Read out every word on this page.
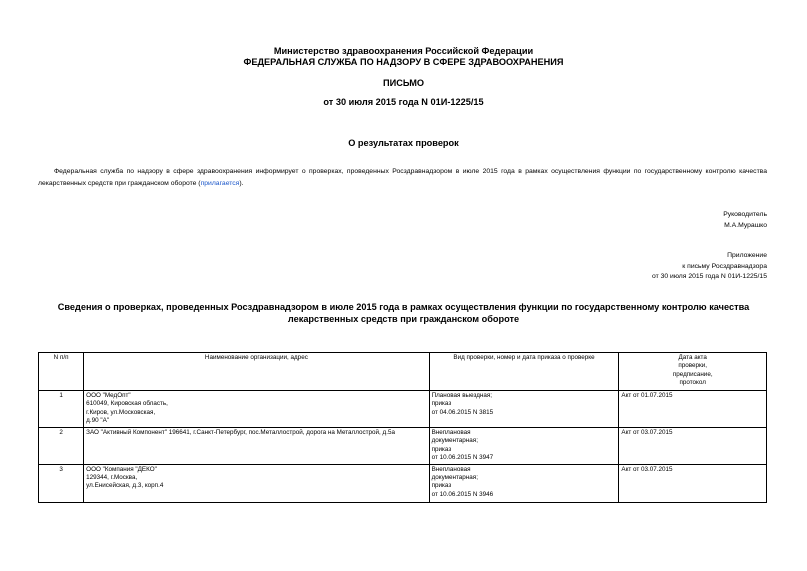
Министерство здравоохранения Российской Федерации
ФЕДЕРАЛЬНАЯ СЛУЖБА ПО НАДЗОРУ В СФЕРЕ ЗДРАВООХРАНЕНИЯ
ПИСЬМО
от 30 июля 2015 года N 01И-1225/15
О результатах проверок
Федеральная служба по надзору в сфере здравоохранения информирует о проверках, проведенных Росздравнадзором в июле 2015 года в рамках осуществления функции по государственному контролю качества лекарственных средств при гражданском обороте (прилагается).
Руководитель
М.А.Мурашко
Приложение
к письму Росздравнадзора
от 30 июля 2015 года N 01И-1225/15
Сведения о проверках, проведенных Росздравнадзором в июле 2015 года в рамках осуществления функции по государственному контролю качества лекарственных средств при гражданском обороте
N п/п	Наименование организации, адрес	Вид проверки, номер и дата приказа о проверке	Дата акта
проверки,
предписание,
протокол

1	ООО "МедОпт"
610049, Кировская область,
г.Киров, ул.Московская,
д.90 "А"	Плановая выездная;
приказ
от 04.06.2015 N 3815	Акт от 01.07.2015
2	ЗАО "Активный Компонент" 196641, г.Санкт-Петербург, пос.Металлострой, дорога на Металлострой, д.5а	Внеплановая
документарная;
приказ
от 10.06.2015 N 3947	Акт от 03.07.2015
3	ООО "Компания "ДЕКО"
129344, г.Москва,
ул.Енисейская, д.3, корп.4	Внеплановая
документарная;
приказ
от 10.06.2015 N 3946	Акт от 03.07.2015
